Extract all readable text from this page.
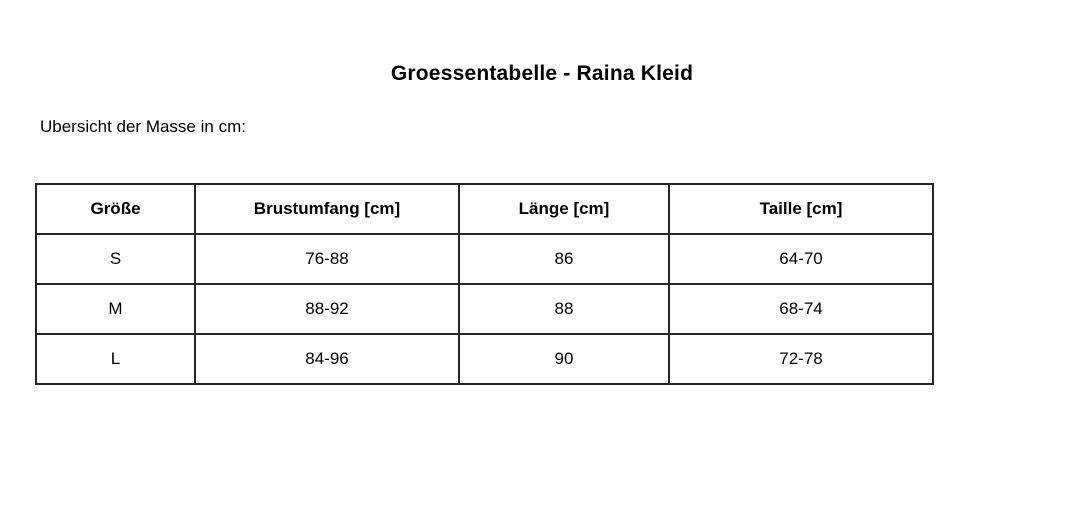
Groessentabelle - Raina Kleid

Ubersicht der Masse in cm:

Größe	Brustumfang [cm]	Länge [cm]	Taille [cm]
S	76-88	86	64-70
M	88-92	88	68-74
L	84-96	90	72-78
